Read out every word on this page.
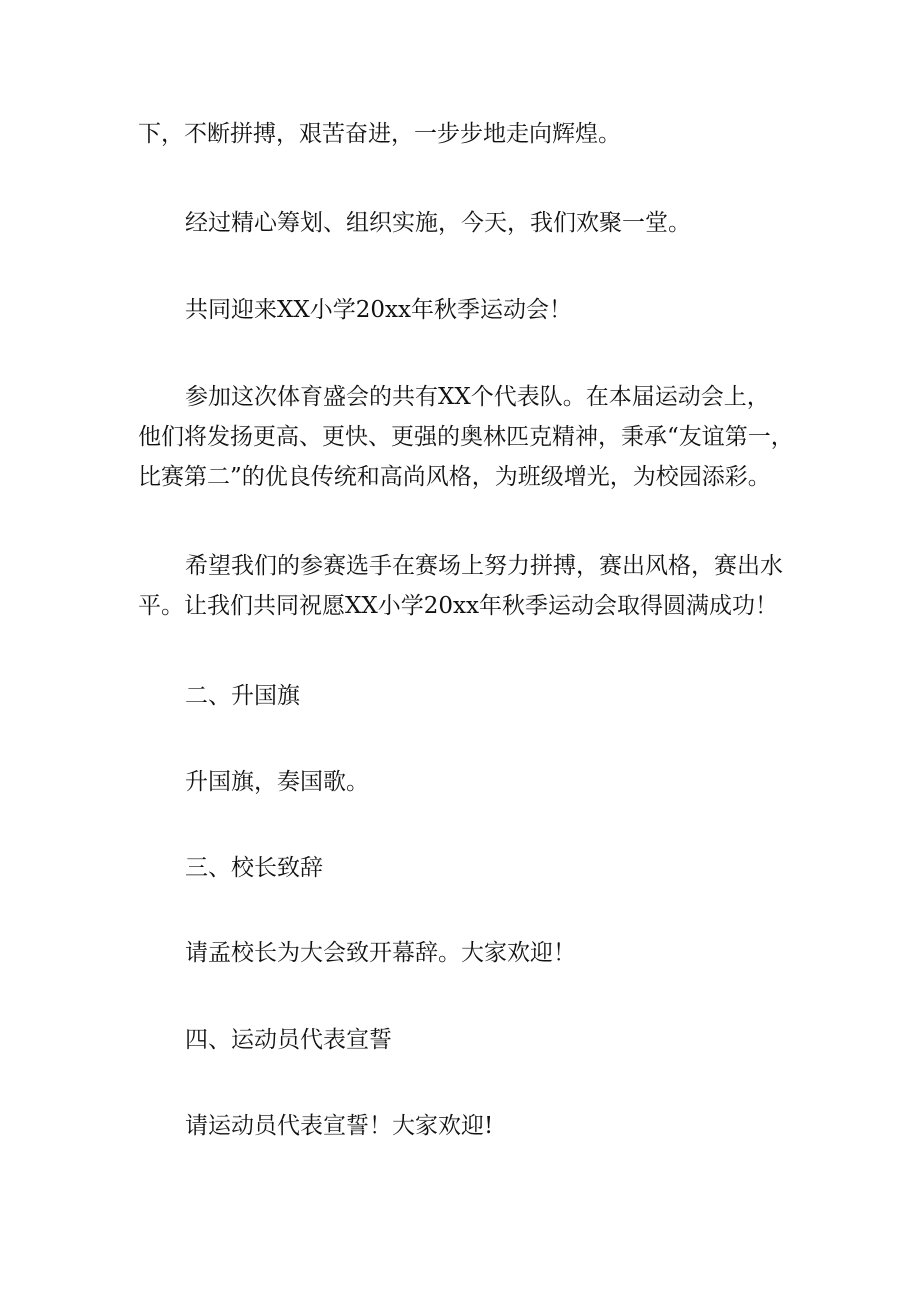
下，不断拼搏，艰苦奋进，一步步地走向辉煌。

经过精心筹划、组织实施，今天，我们欢聚一堂。

共同迎来XX小学20xx年秋季运动会！

参加这次体育盛会的共有XX个代表队。在本届运动会上，
他们将发扬更高、更快、更强的奥林匹克精神，秉承“友谊第一，
比赛第二”的优良传统和高尚风格，为班级增光，为校园添彩。

希望我们的参赛选手在赛场上努力拼搏，赛出风格，赛出水
平。让我们共同祝愿XX小学20xx年秋季运动会取得圆满成功！

二、升国旗

升国旗，奏国歌。

三、校长致辞

请孟校长为大会致开幕辞。大家欢迎！

四、运动员代表宣誓

请运动员代表宣誓！大家欢迎!
